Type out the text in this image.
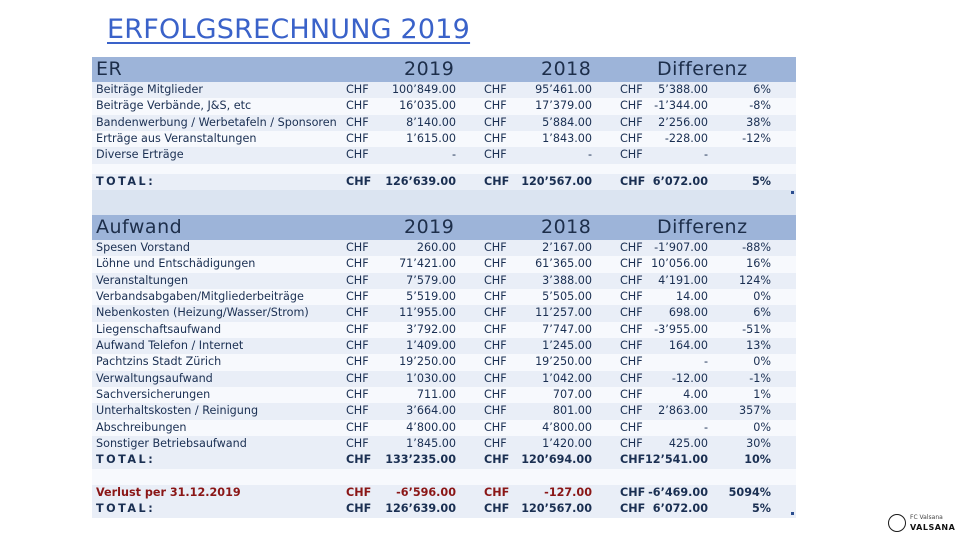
ERFOLGSRECHNUNG 2019
ER	2019	2018	Differenz
Beiträge Mitglieder	CHF 100’849.00	CHF	95’461.00	CHF 5’388.00	6%
Beiträge Verbände, J&S, etc	CHF	16’035.00	CHF	17’379.00	CHF -1’344.00	-8%
Bandenwerbung / Werbetafeln / Sponsoren CHF	8’140.00	CHF	5’884.00	CHF 2’256.00	38%
Erträge aus Veranstaltungen	CHF	1’615.00	CHF	1’843.00	CHF -228.00	-12%
Diverse Erträge	CHF	-	CHF	-	CHF	-
TOTAL:	CHF 126’639.00	CHF 120’567.00	CHF 6’072.00	5%
Aufwand	2019	2018	Differenz
Spesen Vorstand	CHF	260.00	CHF	2’167.00	CHF -1’907.00	-88%
Löhne und Entschädigungen	CHF	71’421.00	CHF	61’365.00	CHF 10’056.00	16%
Veranstaltungen	CHF	7’579.00	CHF	3’388.00	CHF 4’191.00	124%
Verbandsabgaben/Mitgliederbeiträge	CHF	5’519.00	CHF	5’505.00	CHF	14.00	0%
Nebenkosten (Heizung/Wasser/Strom)	CHF	11’955.00	CHF	11’257.00	CHF 698.00	6%
Liegenschaftsaufwand	CHF	3’792.00	CHF	7’747.00	CHF -3’955.00	-51%
Aufwand Telefon / Internet	CHF	1’409.00	CHF	1’245.00	CHF 164.00	13%
Pachtzins Stadt Zürich	CHF	19’250.00	CHF	19’250.00	CHF	-	0%
Verwaltungsaufwand	CHF	1’030.00	CHF	1’042.00	CHF	-12.00	-1%
Sachversicherungen	CHF	711.00	CHF	707.00	CHF	4.00	1%
Unterhaltskosten / Reinigung	CHF	3’664.00	CHF	801.00	CHF 2’863.00	357%
Abschreibungen	CHF	4’800.00	CHF	4’800.00	CHF	-	0%
Sonstiger Betriebsaufwand	CHF	1’845.00	CHF	1’420.00	CHF 425.00	30%
TOTAL:	CHF 133’235.00	CHF 120’694.00	CHF 12’541.00	10%
Verlust per 31.12.2019	CHF -6’596.00	CHF	-127.00	CHF -6’469.00 5094%
TOTAL:	CHF 126’639.00	CHF 120’567.00	CHF 6’072.00	5%
FC Valsana
VALSANA
